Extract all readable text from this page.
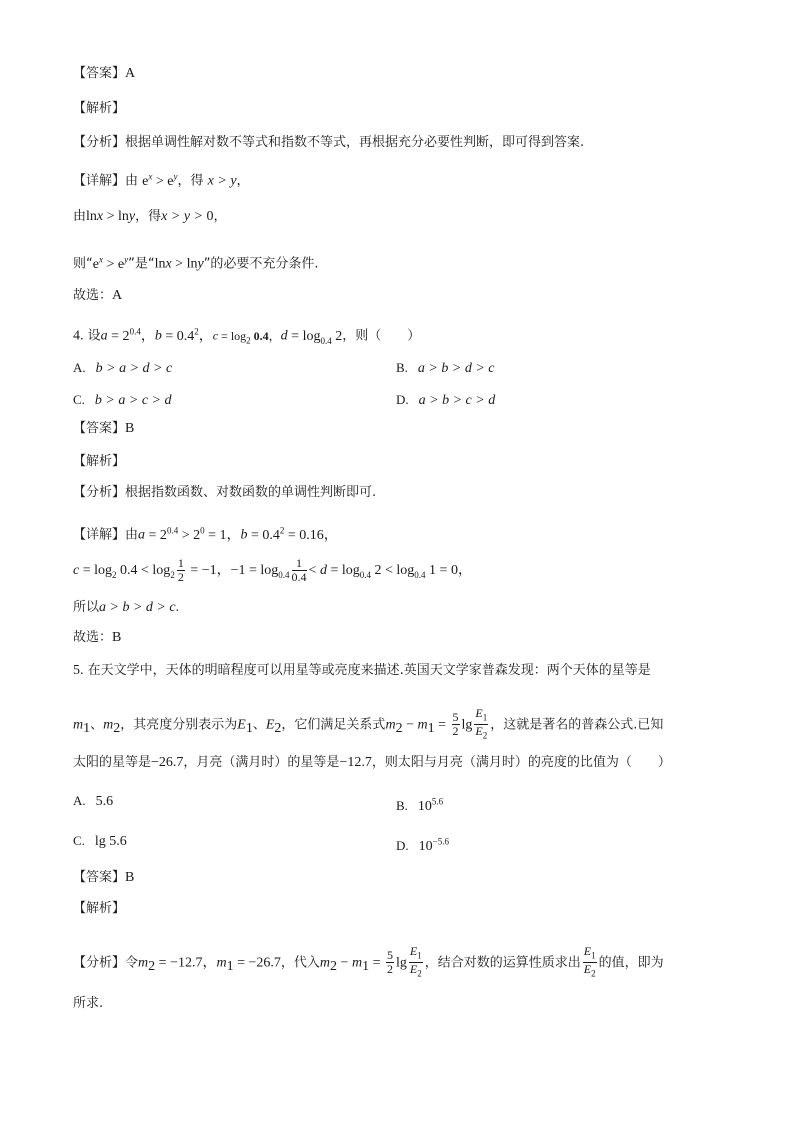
【答案】A
【解析】
【分析】根据单调性解对数不等式和指数不等式，再根据充分必要性判断，即可得到答案.
【详解】由 $e^x > e^y$，得 x > y，
由lnx > lny，得x > y > 0，
则“$e^x > e^y$”是“lnx > lny”的必要不充分条件.
故选：A
4. 设$a = 2^{0.4}$，$b = 0.4^2$，$c = \log_2 0.4$，$d = \log_{0.4} 2$，则（　　）
A. b > a > d > c	B. a > b > d > c
C. b > a > c > d	D. a > b > c > d
【答案】B
【解析】
【分析】根据指数函数、对数函数的单调性判断即可.
【详解】由$a = 2^{0.4} > 2^0 = 1$，$b = 0.4^2 = 0.16$，
$c = \log_2 0.4 < \log_2 \frac{1}{2} = -1$，$-1 = \log_{0.4} \frac{1}{0.4} < d = \log_{0.4} 2 < \log_{0.4} 1 = 0$，
所以a > b > d > c.
故选：B
5. 在天文学中，天体的明暗程度可以用星等或亮度来描述.英国天文学家普森发现：两个天体的星等是
$m_1$、$m_2$，其亮度分别表示为$E_1$、$E_2$，它们满足关系式$m_2 - m_1 = \frac{5}{2}$ $\lg \frac{E_1}{E_2}$ ，这就是著名的普森公式.已知
太阳的星等是−26.7，月亮（满月时）的星等是−12.7，则太阳与月亮（满月时）的亮度的比值为（　　）
A. 5.6	B. $10^{5.6}$
C. lg 5.6	D. $10^{-5.6}$
【答案】B
【解析】
【分析】令$m_2 = -12.7$，$m_1 = -26.7$，代入$m_2 - m_1 = \frac{5}{2}$ $\lg \frac{E_1}{E_2}$ ，结合对数的运算性质求出 $\frac{E_1}{E_2}$ 的值，即为
所求.
